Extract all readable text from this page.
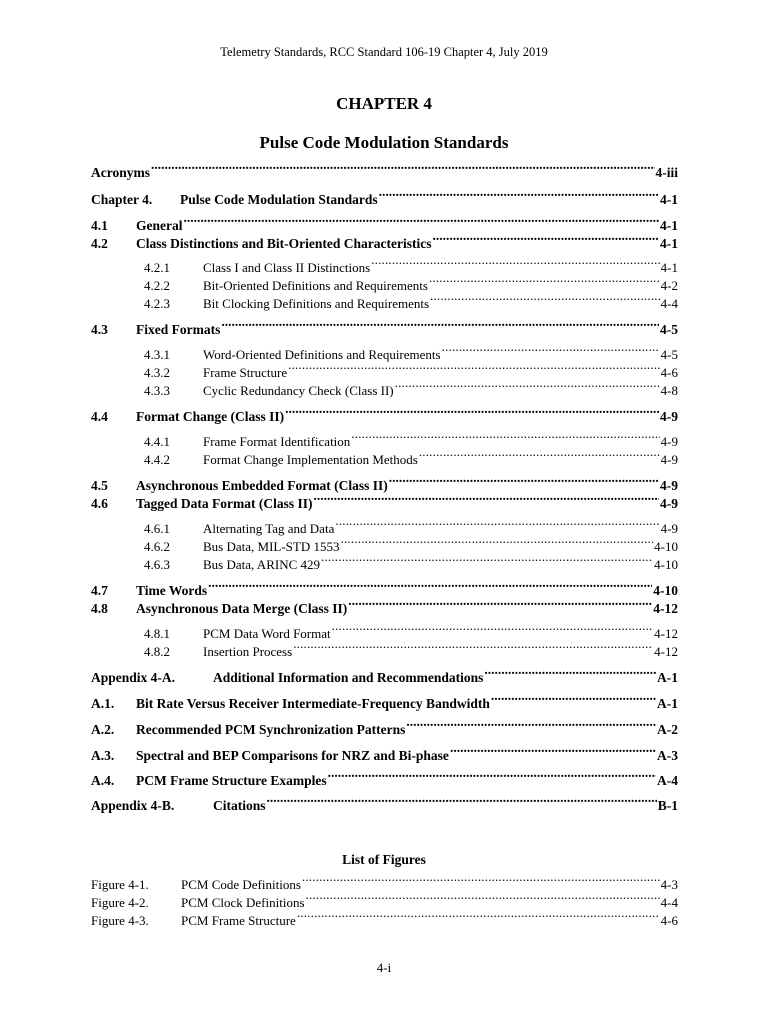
Telemetry Standards, RCC Standard 106-19 Chapter 4, July 2019
CHAPTER 4
Pulse Code Modulation Standards
Acronyms .....	4-iii
Chapter 4.	Pulse Code Modulation Standards .....	4-1
4.1	General .....	4-1
4.2	Class Distinctions and Bit-Oriented Characteristics .....	4-1
4.2.1	Class I and Class II Distinctions .....	4-1
4.2.2	Bit-Oriented Definitions and Requirements .....	4-2
4.2.3	Bit Clocking Definitions and Requirements .....	4-4
4.3	Fixed Formats .....	4-5
4.3.1	Word-Oriented Definitions and Requirements .....	4-5
4.3.2	Frame Structure .....	4-6
4.3.3	Cyclic Redundancy Check (Class II) .....	4-8
4.4	Format Change (Class II) .....	4-9
4.4.1	Frame Format Identification .....	4-9
4.4.2	Format Change Implementation Methods .....	4-9
4.5	Asynchronous Embedded Format (Class II) .....	4-9
4.6	Tagged Data Format (Class II) .....	4-9
4.6.1	Alternating Tag and Data .....	4-9
4.6.2	Bus Data, MIL-STD 1553 .....	4-10
4.6.3	Bus Data, ARINC 429 .....	4-10
4.7	Time Words .....	4-10
4.8	Asynchronous Data Merge (Class II) .....	4-12
4.8.1	PCM Data Word Format .....	4-12
4.8.2	Insertion Process .....	4-12
Appendix 4-A.	Additional Information and Recommendations .....	A-1
A.1.	Bit Rate Versus Receiver Intermediate-Frequency Bandwidth .....	A-1
A.2.	Recommended PCM Synchronization Patterns .....	A-2
A.3.	Spectral and BEP Comparisons for NRZ and Bi-phase .....	A-3
A.4.	PCM Frame Structure Examples .....	A-4
Appendix 4-B.	Citations .....	B-1
Figure 4-1.	PCM Code Definitions .....	4-3
Figure 4-2.	PCM Clock Definitions .....	4-4
Figure 4-3.	PCM Frame Structure .....	4-6
List of Figures
4-i
